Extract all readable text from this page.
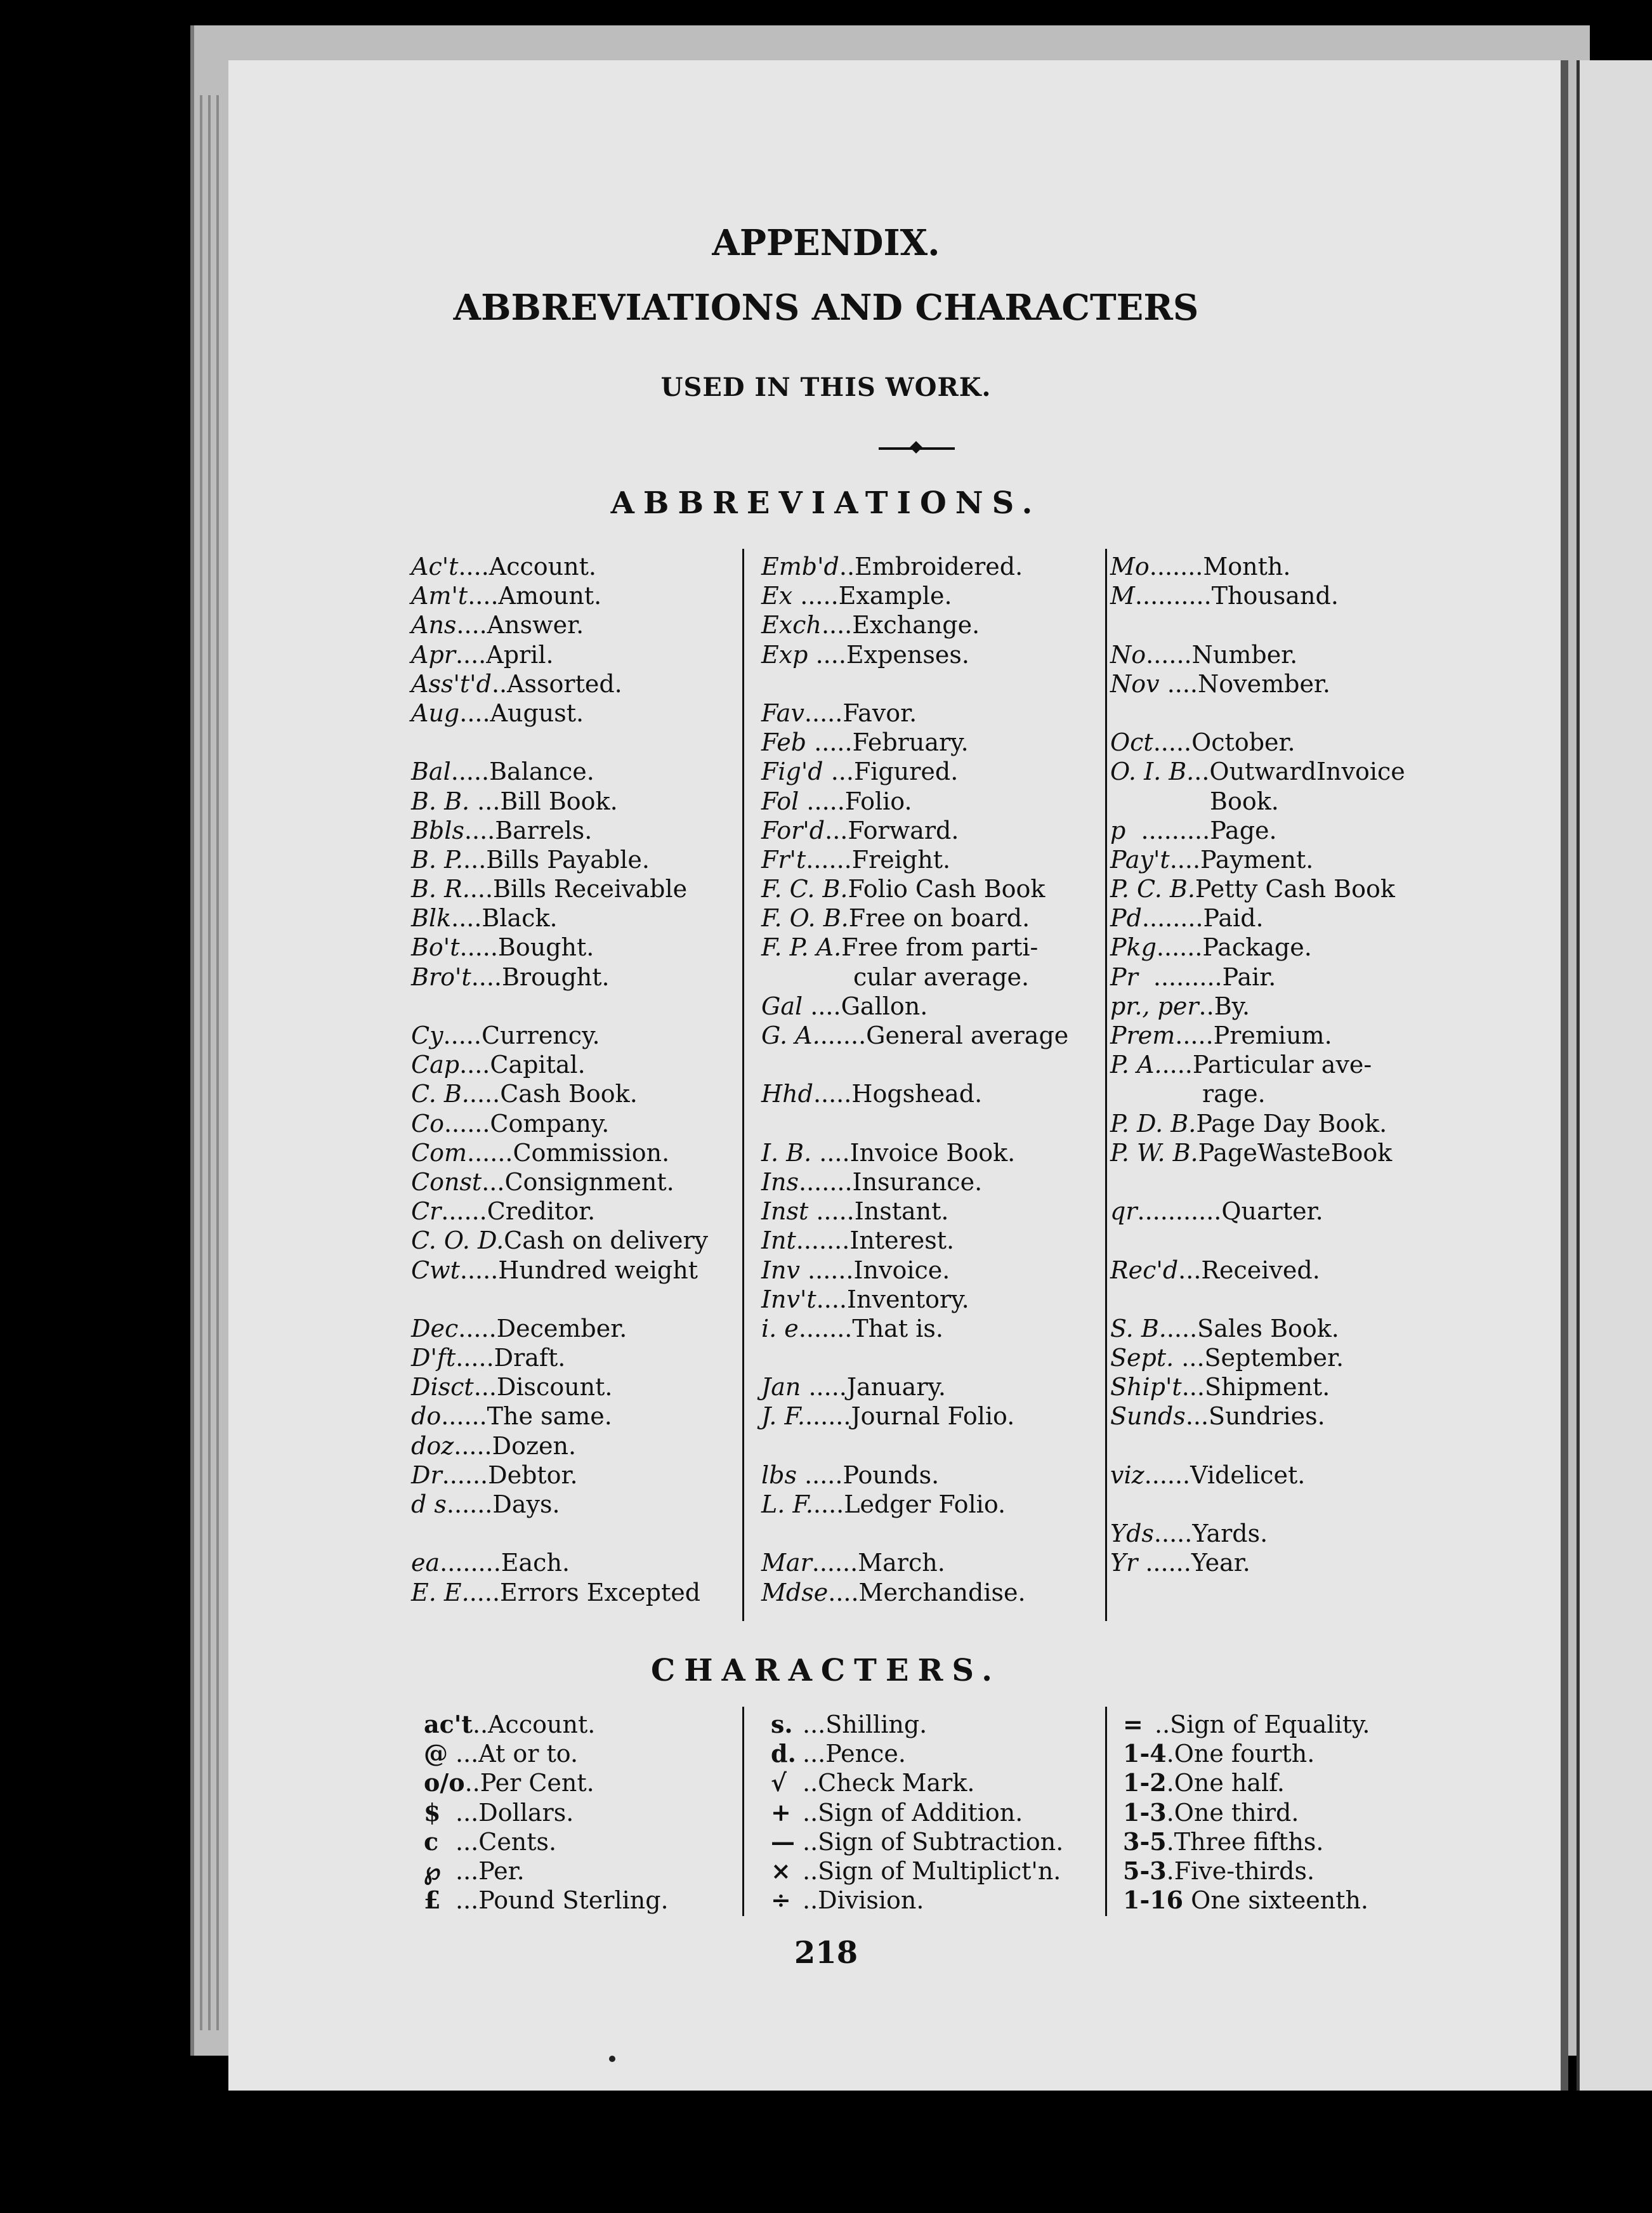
APPENDIX.
ABBREVIATIONS AND CHARACTERS
USED IN THIS WORK.
ABBREVIATIONS.
Ac't....Account.
Am't....Amount.
Ans....Answer.
Apr....April.
Ass't'd..Assorted.
Aug....August.
Bal.....Balance.
B. B. ...Bill Book.
Bbls....Barrels.
B. P....Bills Payable.
B. R....Bills Receivable
Blk....Black.
Bo't.....Bought.
Bro't....Brought.
Cy.....Currency.
Cap....Capital.
C. B.....Cash Book.
Co......Company.
Com......Commission.
Const...Consignment.
Cr......Creditor.
C. O. D.Cash on delivery
Cwt.....Hundred weight
Dec.....December.
D'ft.....Draft.
Disct...Discount.
do......The same.
doz.....Dozen.
Dr......Debtor.
d s......Days.
ea........Each.
E. E.....Errors Excepted
Emb'd..Embroidered.
Ex .....Example.
Exch....Exchange.
Exp ....Expenses.
Fav.....Favor.
Feb .....February.
Fig'd ...Figured.
Fol .....Folio.
For'd...Forward.
Fr't......Freight.
F. C. B.Folio Cash Book
F. O. B.Free on board.
F. P. A.Free from parti-
cular average.
Gal ....Gallon.
G. A.......General average
Hhd.....Hogshead.
I. B. ....Invoice Book.
Ins.......Insurance.
Inst .....Instant.
Int.......Interest.
Inv ......Invoice.
Inv't....Inventory.
i. e.......That is.
Jan .....January.
J. F.......Journal Folio.
lbs .....Pounds.
L. F.....Ledger Folio.
Mar......March.
Mdse....Merchandise.
Mo.......Month.
M..........Thousand.
No......Number.
Nov ....November.
Oct.....October.
O. I. B...OutwardInvoice
Book.
p  .........Page.
Pay't....Payment.
P. C. B.Petty Cash Book
Pd........Paid.
Pkg......Package.
Pr  .........Pair.
pr., per..By.
Prem.....Premium.
P. A.....Particular ave-
rage.
P. D. B.Page Day Book.
P. W. B.PageWasteBook
qr...........Quarter.
Rec'd...Received.
S. B.....Sales Book.
Sept. ...September.
Ship't...Shipment.
Sunds...Sundries.
viz......Videlicet.
Yds.....Yards.
Yr ......Year.
CHARACTERS.
ac't..Account.
@ ...At or to.
o/o..Per Cent.
$ ...Dollars.
c ...Cents.
℘ ...Per.
£ ...Pound Sterling.
s. ...Shilling.
d. ...Pence.
√ ..Check Mark.
+ ..Sign of Addition.
— ..Sign of Subtraction.
× ..Sign of Multiplict'n.
÷ ..Division.
= ..Sign of Equality.
1-4.One fourth.
1-2.One half.
1-3.One third.
3-5.Three fifths.
5-3.Five-thirds.
1-16 One sixteenth.
218
